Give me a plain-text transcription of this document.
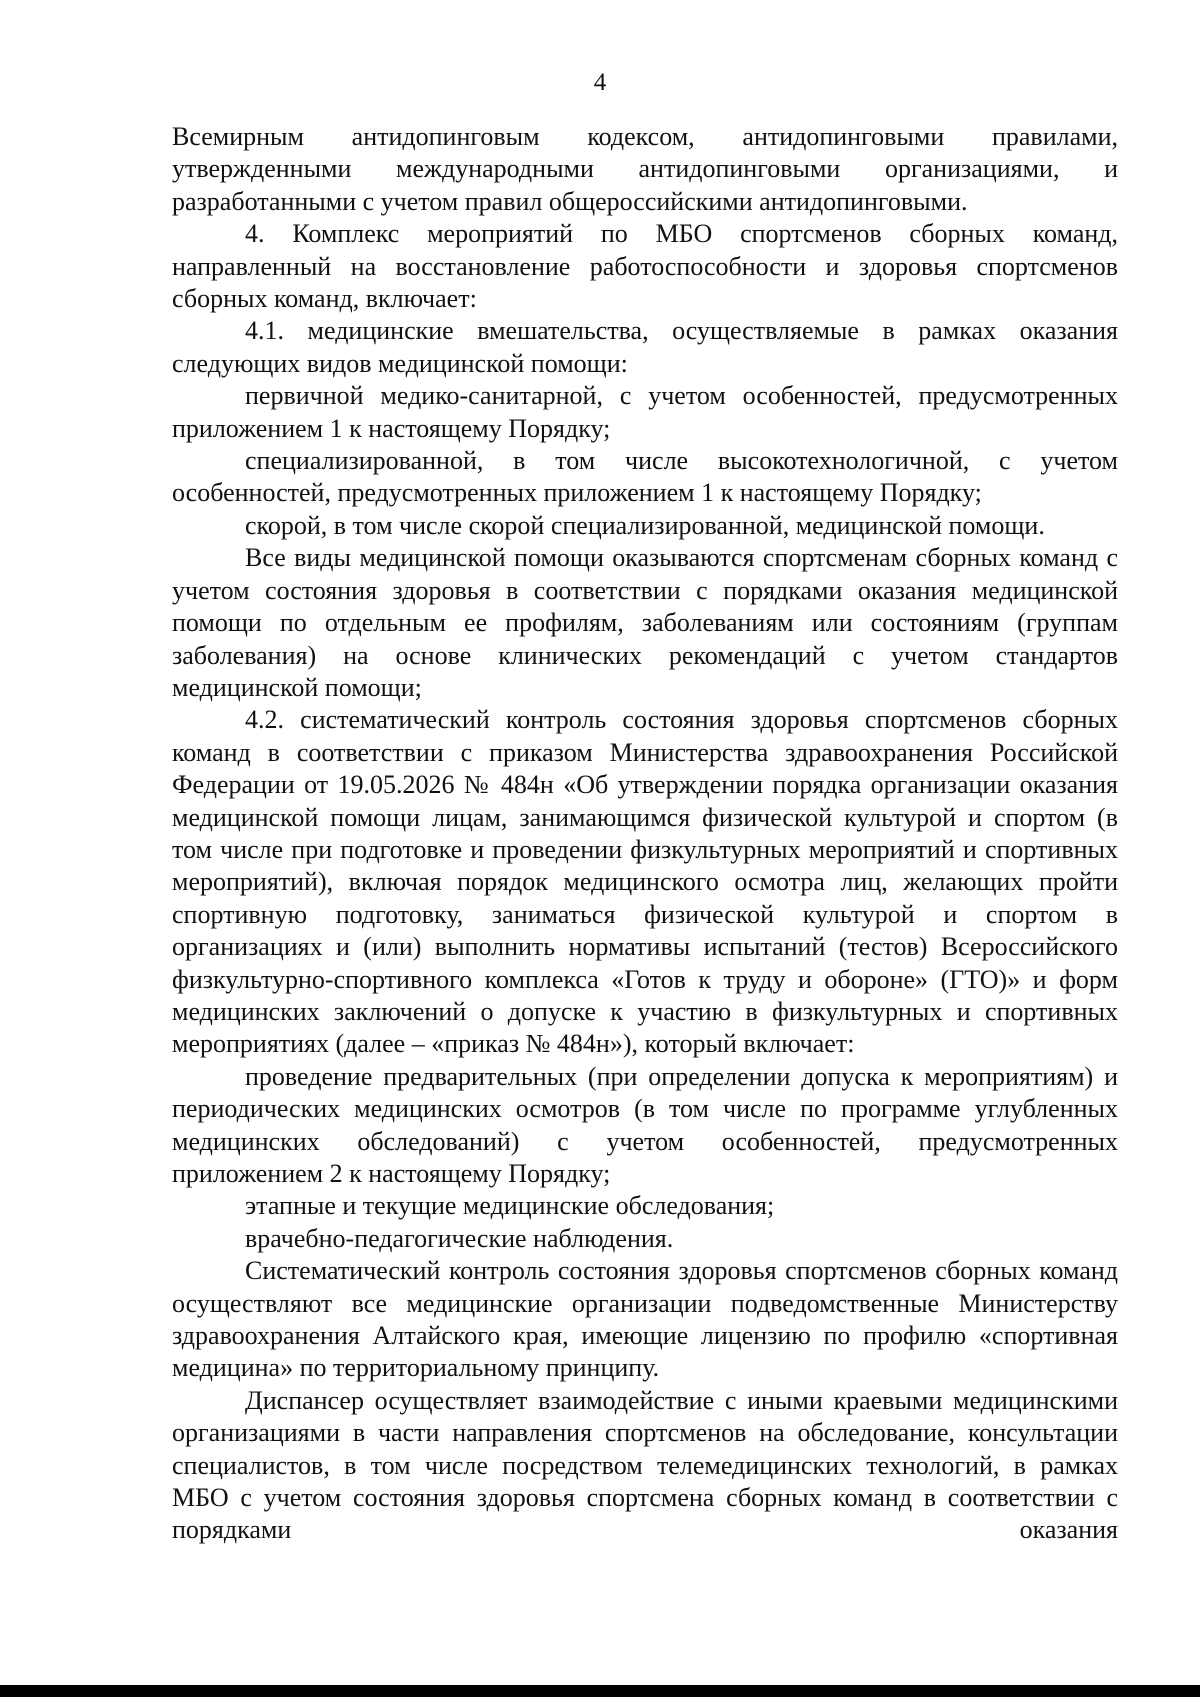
4

Всемирным антидопинговым кодексом, антидопинговыми правилами, утвержденными международными антидопинговыми организациями, и разработанными с учетом правил общероссийскими антидопинговыми.

4. Комплекс мероприятий по МБО спортсменов сборных команд, направленный на восстановление работоспособности и здоровья спортсменов сборных команд, включает:

4.1. медицинские вмешательства, осуществляемые в рамках оказания следующих видов медицинской помощи:

первичной медико-санитарной, с учетом особенностей, предусмотренных приложением 1 к настоящему Порядку;

специализированной, в том числе высокотехнологичной, с учетом особенностей, предусмотренных приложением 1 к настоящему Порядку;

скорой, в том числе скорой специализированной, медицинской помощи.

Все виды медицинской помощи оказываются спортсменам сборных команд с учетом состояния здоровья в соответствии с порядками оказания медицинской помощи по отдельным ее профилям, заболеваниям или состояниям (группам заболевания) на основе клинических рекомендаций с учетом стандартов медицинской помощи;

4.2. систематический контроль состояния здоровья спортсменов сборных команд в соответствии с приказом Министерства здравоохранения Российской Федерации от 19.05.2026 № 484н «Об утверждении порядка организации оказания медицинской помощи лицам, занимающимся физической культурой и спортом (в том числе при подготовке и проведении физкультурных мероприятий и спортивных мероприятий), включая порядок медицинского осмотра лиц, желающих пройти спортивную подготовку, заниматься физической культурой и спортом в организациях и (или) выполнить нормативы испытаний (тестов) Всероссийского физкультурно-спортивного комплекса «Готов к труду и обороне» (ГТО)» и форм медицинских заключений о допуске к участию в физкультурных и спортивных мероприятиях (далее – «приказ № 484н»), который включает:

проведение предварительных (при определении допуска к мероприятиям) и периодических медицинских осмотров (в том числе по программе углубленных медицинских обследований) с учетом особенностей, предусмотренных приложением 2 к настоящему Порядку;

этапные и текущие медицинские обследования;

врачебно-педагогические наблюдения.

Систематический контроль состояния здоровья спортсменов сборных команд осуществляют все медицинские организации подведомственные Министерству здравоохранения Алтайского края, имеющие лицензию по профилю «спортивная медицина» по территориальному принципу.

Диспансер осуществляет взаимодействие с иными краевыми медицинскими организациями в части направления спортсменов на обследование, консультации специалистов, в том числе посредством телемедицинских технологий, в рамках МБО с учетом состояния здоровья спортсмена сборных команд в соответствии с порядками оказания
